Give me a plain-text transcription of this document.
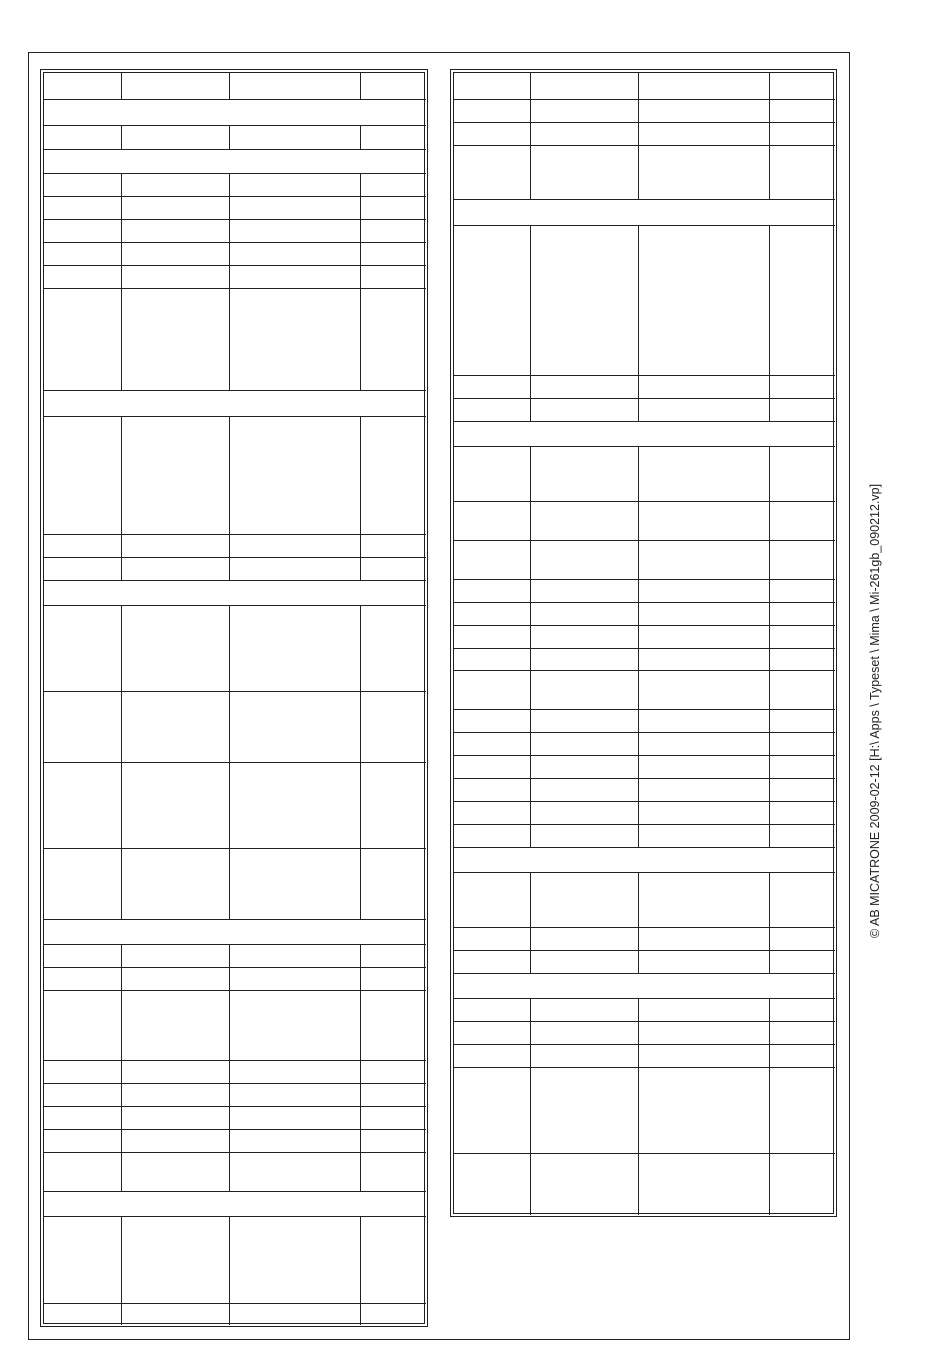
© AB MICATRONE 2009-02-12 [H:\ Apps \ Typeset \ Mima \ Mi-261gb_090212.vp]
